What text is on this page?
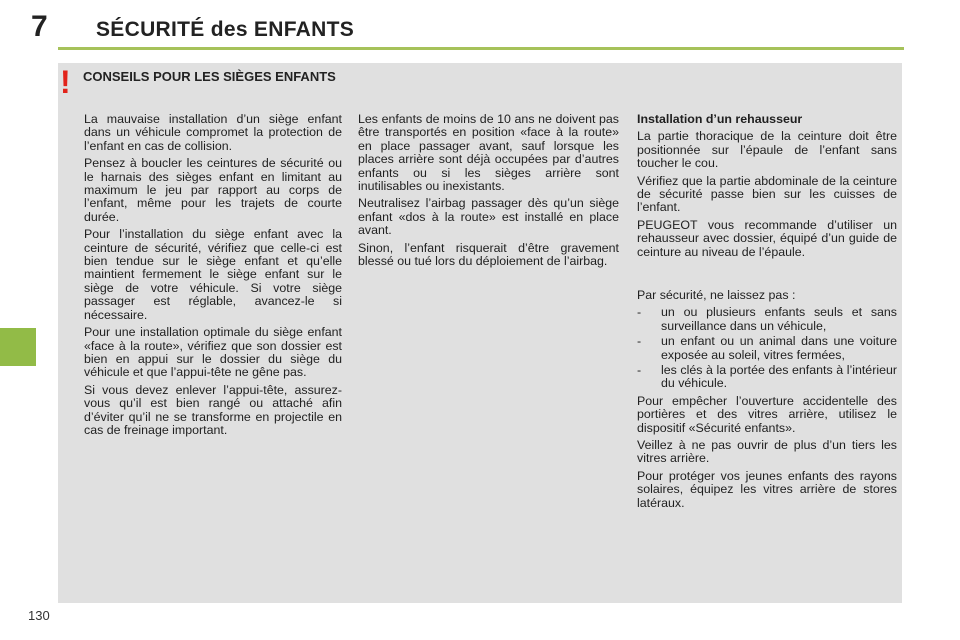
7 SÉCURITÉ des ENFANTS
130
! CONSEILS POUR LES SIÈGES ENFANTS

La mauvaise installation d’un siège enfant dans un véhicule compromet la protection de l’enfant en cas de collision.

Pensez à boucler les ceintures de sécurité ou le harnais des sièges enfant en limitant au maximum le jeu par rapport au corps de l’enfant, même pour les trajets de courte durée.

Pour l’installation du siège enfant avec la ceinture de sécurité, vérifiez que celle-ci est bien tendue sur le siège enfant et qu’elle maintient fermement le siège enfant sur le siège de votre véhicule. Si votre siège passager est réglable, avancez-le si nécessaire.

Pour une installation optimale du siège enfant «face à la route», vérifiez que son dossier est bien en appui sur le dossier du siège du véhicule et que l’appui-tête ne gêne pas.

Si vous devez enlever l’appui-tête, assurez-vous qu’il est bien rangé ou attaché afin d’éviter qu’il ne se transforme en projectile en cas de freinage important.

Les enfants de moins de 10 ans ne doivent pas être transportés en position «face à la route» en place passager avant, sauf lorsque les places arrière sont déjà occupées par d’autres enfants ou si les sièges arrière sont inutilisables ou inexistants.

Neutralisez l’airbag passager dès qu’un siège enfant «dos à la route» est installé en place avant.

Sinon, l’enfant risquerait d’être gravement blessé ou tué lors du déploiement de l’airbag.

Installation d’un rehausseur

La partie thoracique de la ceinture doit être positionnée sur l’épaule de l’enfant sans toucher le cou.

Vérifiez que la partie abdominale de la ceinture de sécurité passe bien sur les cuisses de l’enfant.

PEUGEOT vous recommande d’utiliser un rehausseur avec dossier, équipé d’un guide de ceinture au niveau de l’épaule.

Par sécurité, ne laissez pas :

- un ou plusieurs enfants seuls et sans surveillance dans un véhicule,
- un enfant ou un animal dans une voiture exposée au soleil, vitres fermées,
- les clés à la portée des enfants à l’intérieur du véhicule.

Pour empêcher l’ouverture accidentelle des portières et des vitres arrière, utilisez le dispositif «Sécurité enfants».

Veillez à ne pas ouvrir de plus d’un tiers les vitres arrière.

Pour protéger vos jeunes enfants des rayons solaires, équipez les vitres arrière de stores latéraux.
